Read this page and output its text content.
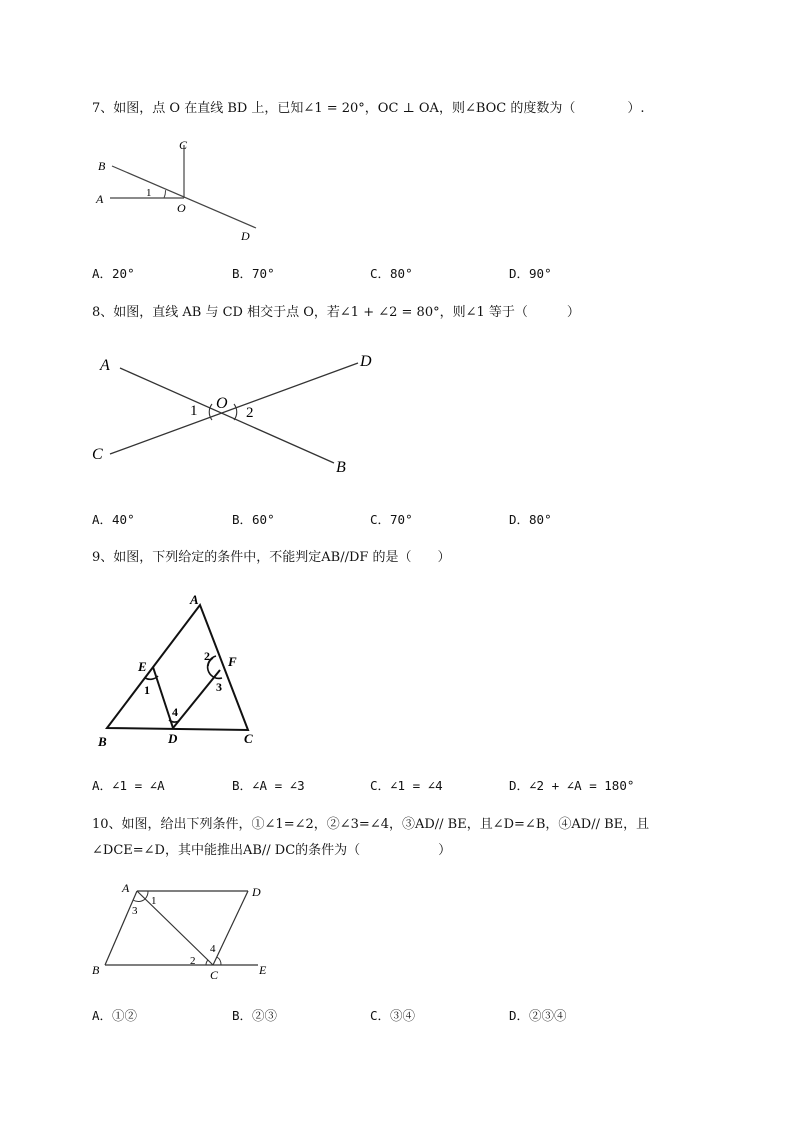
7、如图，点 O 在直线 BD 上，已知∠1 = 20°，OC ⊥ OA，则∠BOC 的度数为（　　　　）.
B
A
C
O
D
1
A．20°	B．70°	C．80°	D．90°
8、如图，直线 AB 与 CD 相交于点 O，若∠1 + ∠2 = 80°，则∠1 等于（　　　）
A	D
C
B
O
1	2
A．40°	B．60°	C．70°	D．80°
9、如图，下列给定的条件中，不能判定AB//DF 的是（　　）
A
B	C
D
E	F
1
2
3
4
A．∠1 = ∠A	B．∠A = ∠3	C．∠1 = ∠4	D．∠2 + ∠A = 180°
10、如图，给出下列条件，①∠1=∠2，②∠3=∠4，③AD// BE，且∠D=∠B，④AD// BE，且
∠DCE=∠D，其中能推出AB// DC的条件为（　　　　　　）
A	D
B	C	E
1
2
3
4
A．①②	B．②③	C．③④	D．②③④
